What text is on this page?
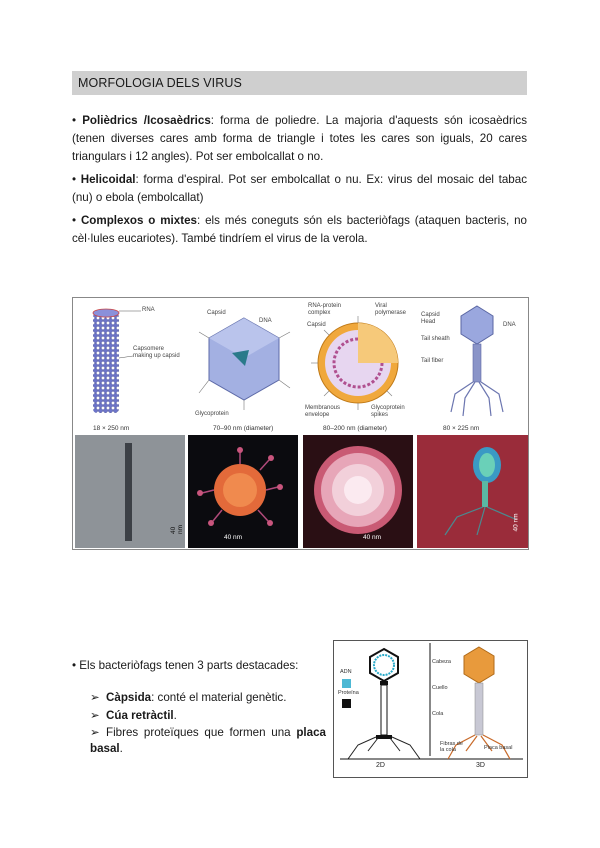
MORFOLOGIA DELS VIRUS
• Polièdrics /Icosaèdrics: forma de poliedre. La majoria d'aquests són icosaèdrics (tenen diverses cares amb forma de triangle i totes les cares son iguals, 20 cares triangulars i 12 angles). Pot ser embolcallat o no.
• Helicoidal: forma d'espiral. Pot ser embolcallat o nu. Ex: virus del mosaic del tabac (nu) o ebola (embolcallat)
• Complexos o mixtes: els més coneguts són els bacteriòfags (ataquen bacteris, no cèl·lules eucariotes). També tindríem el virus de la verola.
RNA
Capsomere making up capsid
Capsid
DNA
Glycoprotein
RNA-protein complex
Viral polymerase
Capsid
Membranous envelope
Glycoprotein spikes
Capsid Head	DNA
Tail sheath
Tail fiber
18 × 250 nm	70–90 nm (diameter)	80–200 nm (diameter)	80 × 225 nm
40 nm
40 nm	40 nm
40 nm
• Els bacteriòfags tenen 3 parts destacades:
➢ Càpsida: conté el material genètic.
➢ Cúa retràctil.
➢ Fibres proteïques que formen una placa basal.
ADN
Proteïna
Cabeza
Cuello
Cola
Fibras de la cola	Placa basal
2D	3D
